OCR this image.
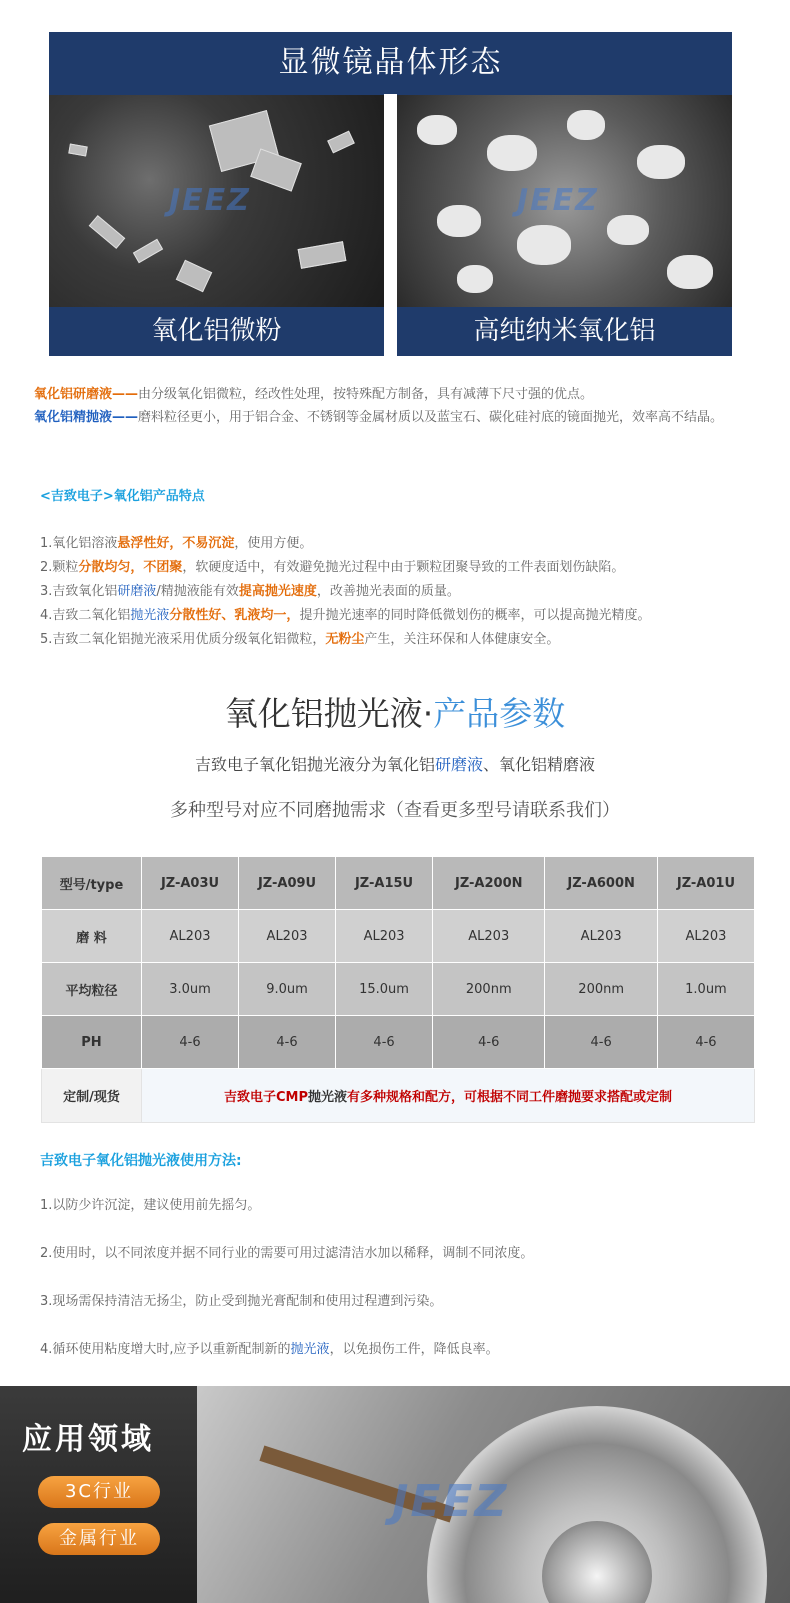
显微镜晶体形态
JEEZ	JEEZ
氧化铝微粉	高纯纳米氧化铝
氧化铝研磨液——由分级氧化铝微粒，经改性处理，按特殊配方制备，具有减薄下尺寸强的优点。
氧化铝精抛液——磨料粒径更小，用于铝合金、不锈钢等金属材质以及蓝宝石、碳化硅衬底的镜面抛光，效率高不结晶。
<吉致电子>氧化铝产品特点
1.氧化铝溶液悬浮性好，不易沉淀，使用方便。
2.颗粒分散均匀，不团聚，软硬度适中，有效避免抛光过程中由于颗粒团聚导致的工件表面划伤缺陷。
3.吉致氧化铝研磨液/精抛液能有效提高抛光速度，改善抛光表面的质量。
4.吉致二氧化铝抛光液分散性好、乳液均一，提升抛光速率的同时降低微划伤的概率，可以提高抛光精度。
5.吉致二氧化铝抛光液采用优质分级氧化铝微粒，无粉尘产生，关注环保和人体健康安全。
氧化铝抛光液·产品参数
吉致电子氧化铝抛光液分为氧化铝研磨液、氧化铝精磨液
多种型号对应不同磨抛需求（查看更多型号请联系我们）
型号/type	JZ-A03U	JZ-A09U	JZ-A15U	JZ-A200N	JZ-A600N	JZ-A01U
磨 料	AL203	AL203	AL203	AL203	AL203	AL203
平均粒径	3.0um	9.0um	15.0um	200nm	200nm	1.0um
PH	4-6	4-6	4-6	4-6	4-6	4-6
定制/现货	吉致电子CMP抛光液有多种规格和配方，可根据不同工件磨抛要求搭配或定制					
吉致电子氧化铝抛光液使用方法:
1.以防少许沉淀，建议使用前先摇匀。
2.使用时，以不同浓度并据不同行业的需要可用过滤清洁水加以稀释，调制不同浓度。
3.现场需保持清洁无扬尘，防止受到抛光膏配制和使用过程遭到污染。
4.循环使用粘度增大时,应予以重新配制新的抛光液，以免损伤工件，降低良率。
JEEZ
应用领域
3C行业
金属行业
